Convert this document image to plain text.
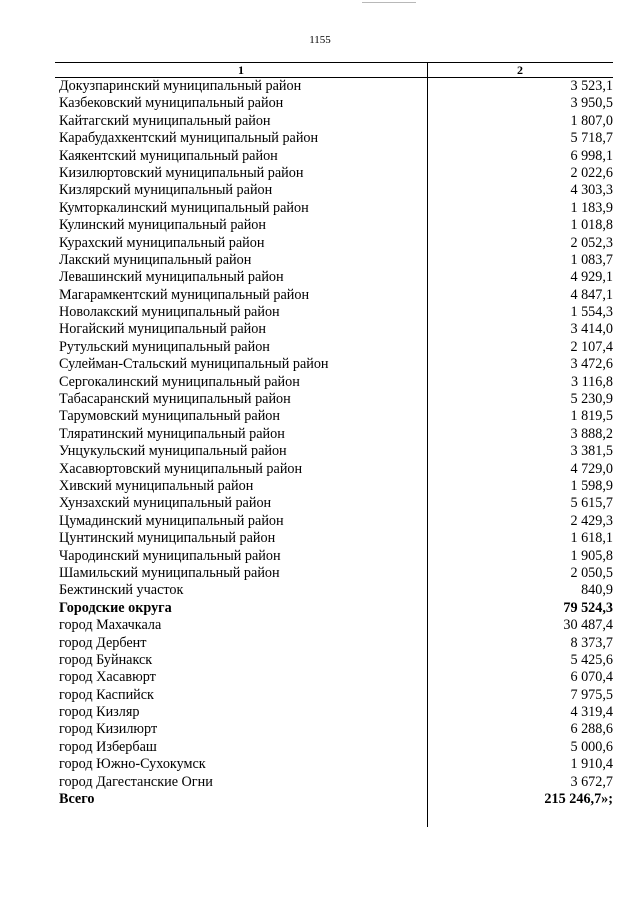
1155
1	2
Докузпаринский муниципальный район	3 523,1
Казбековский муниципальный район	3 950,5
Кайтагский муниципальный район	1 807,0
Карабудахкентский муниципальный район	5 718,7
Каякентский муниципальный район	6 998,1
Кизилюртовский муниципальный район	2 022,6
Кизлярский муниципальный район	4 303,3
Кумторкалинский муниципальный район	1 183,9
Кулинский муниципальный район	1 018,8
Курахский муниципальный район	2 052,3
Лакский муниципальный район	1 083,7
Левашинский муниципальный район	4 929,1
Магарамкентский муниципальный район	4 847,1
Новолакский муниципальный район	1 554,3
Ногайский муниципальный район	3 414,0
Рутульский муниципальный район	2 107,4
Сулейман-Стальский муниципальный район	3 472,6
Сергокалинский муниципальный район	3 116,8
Табасаранский муниципальный район	5 230,9
Тарумовский муниципальный район	1 819,5
Тляратинский муниципальный район	3 888,2
Унцукульский муниципальный район	3 381,5
Хасавюртовский муниципальный район	4 729,0
Хивский муниципальный район	1 598,9
Хунзахский муниципальный район	5 615,7
Цумадинский муниципальный район	2 429,3
Цунтинский муниципальный район	1 618,1
Чародинский муниципальный район	1 905,8
Шамильский муниципальный район	2 050,5
Бежтинский участок	840,9
Городские округа	79 524,3
город Махачкала	30 487,4
город Дербент	8 373,7
город Буйнакск	5 425,6
город Хасавюрт	6 070,4
город Каспийск	7 975,5
город Кизляр	4 319,4
город Кизилюрт	6 288,6
город Избербаш	5 000,6
город Южно-Сухокумск	1 910,4
город Дагестанские Огни	3 672,7
Всего	215 246,7»;
